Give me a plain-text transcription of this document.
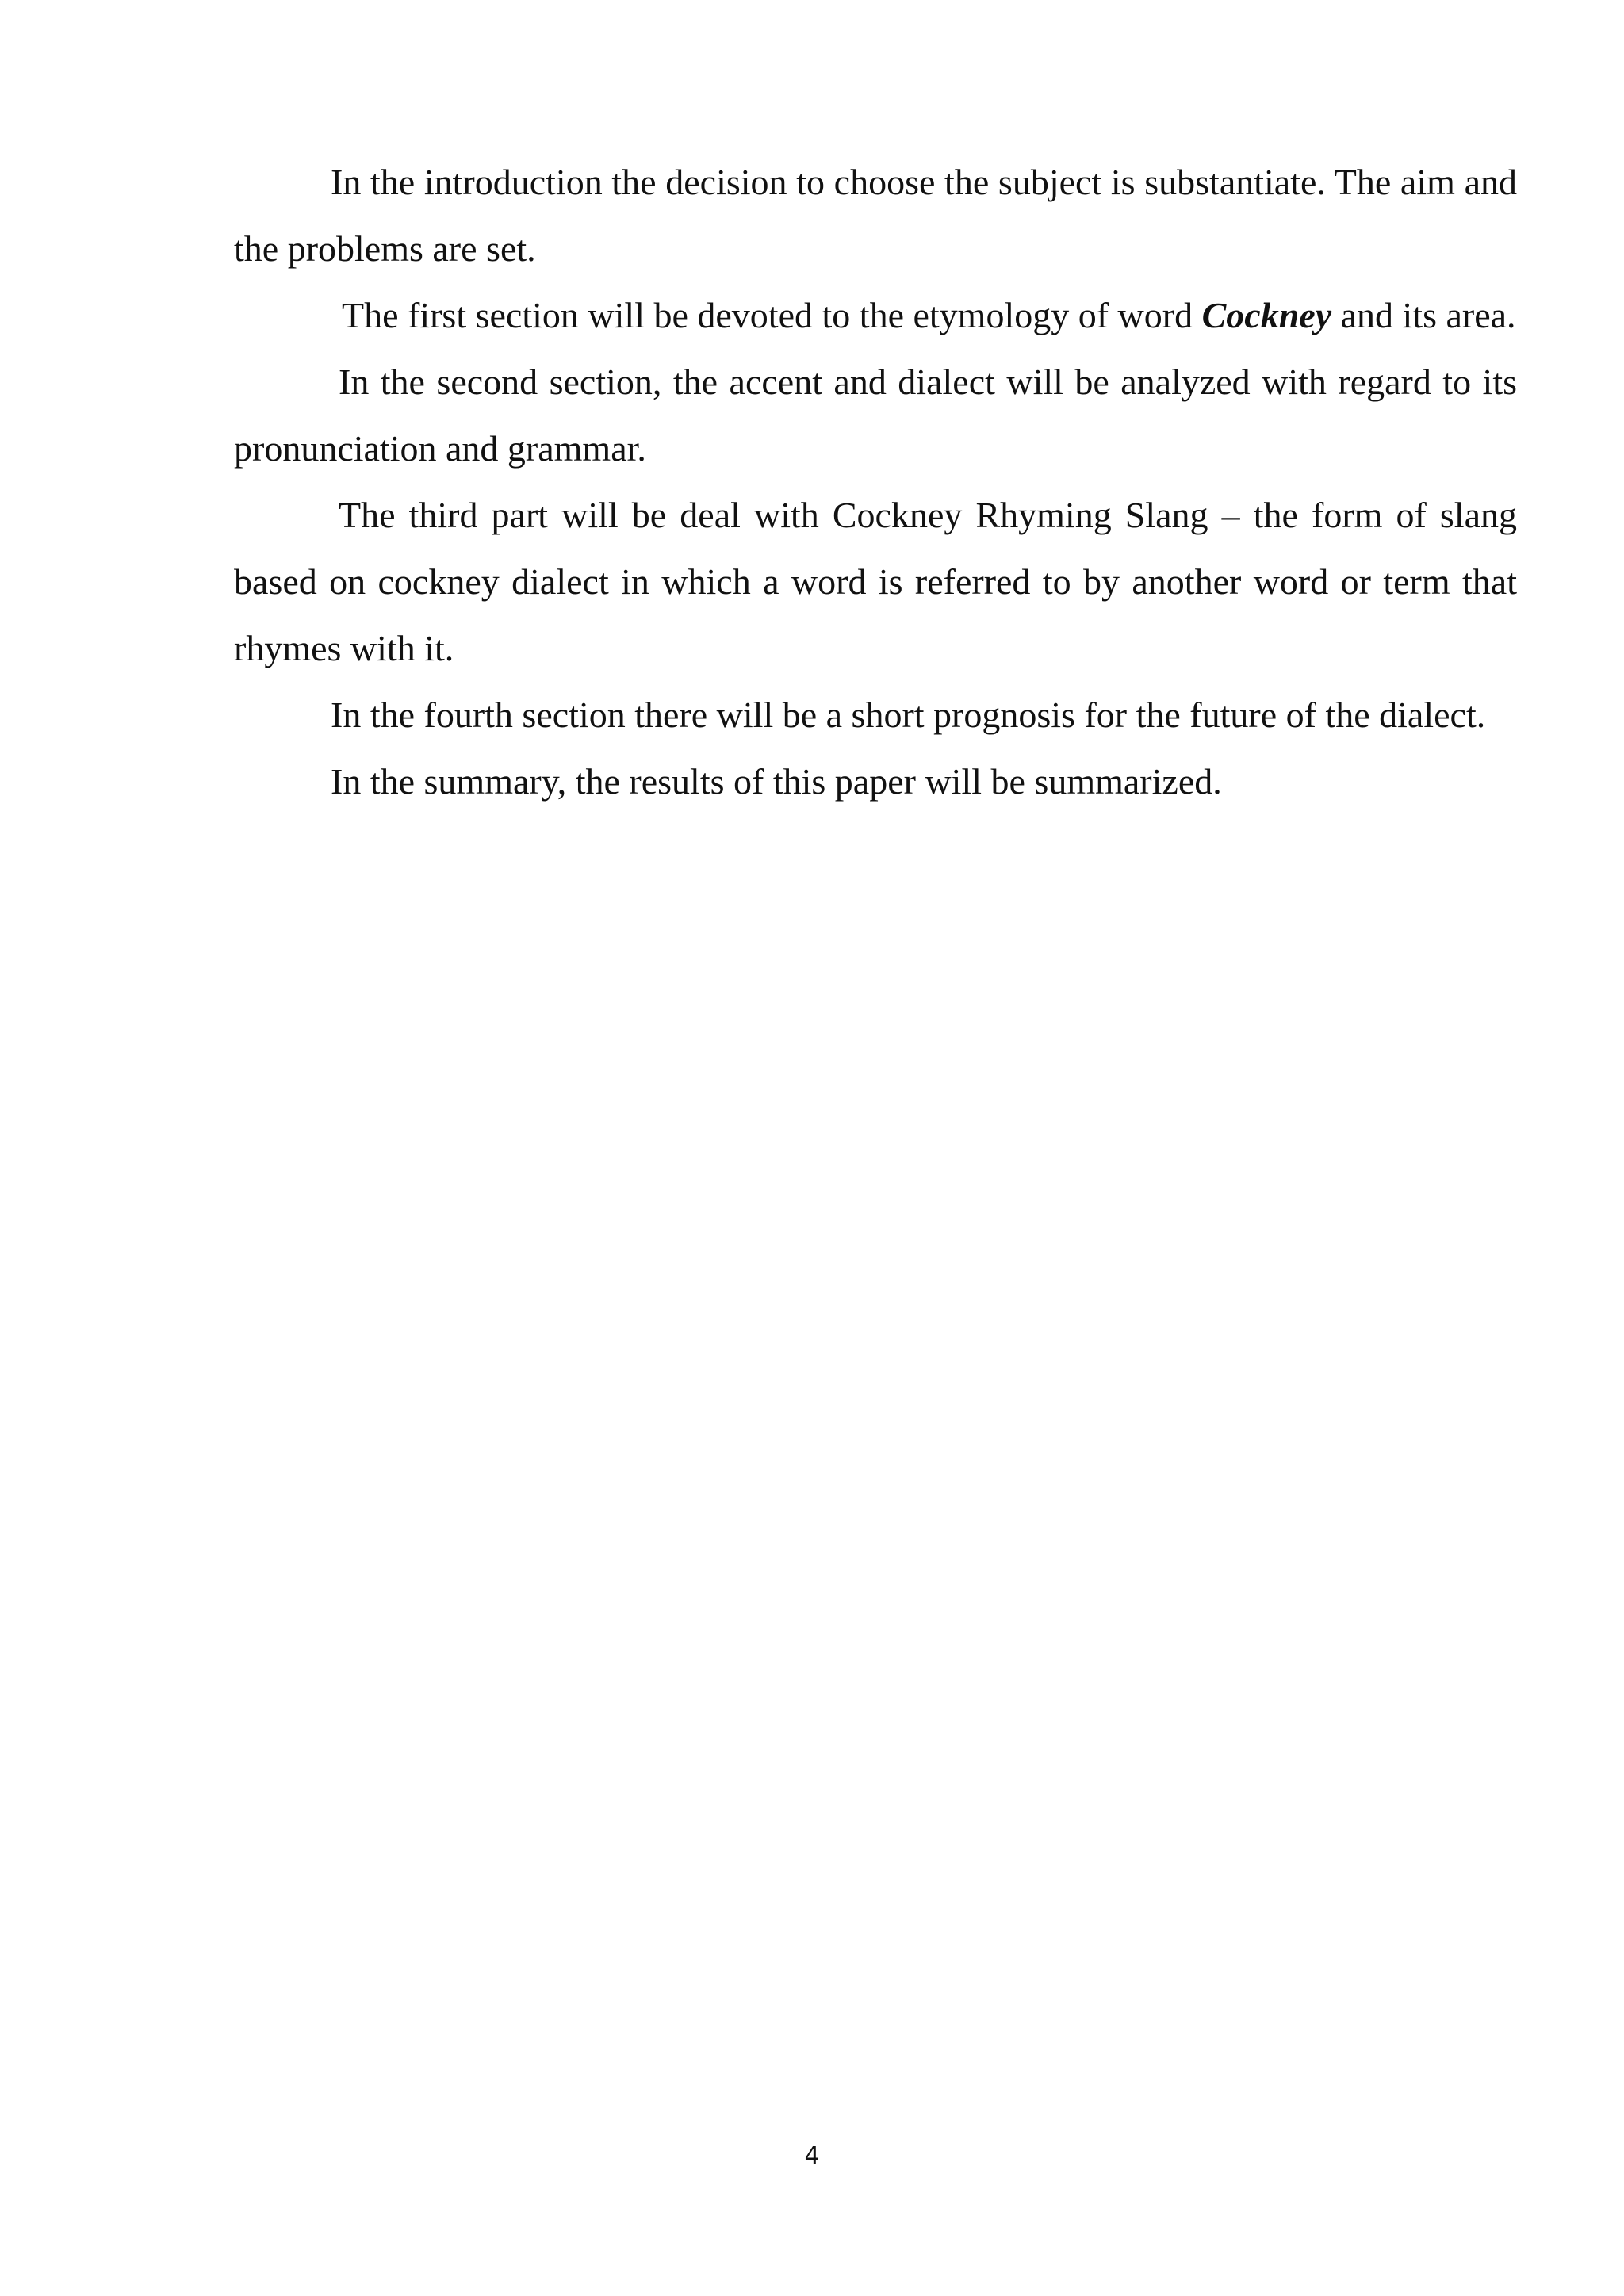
In the introduction the decision to choose the subject is substantiate. The aim and the problems are set.

The first section will be devoted to the etymology of word Cockney and its area.

In the second section, the accent and dialect will be analyzed with regard to its pronunciation and grammar.

The third part will be deal with Cockney Rhyming Slang – the form of slang based on cockney dialect in which a word is referred to by another word or term that rhymes with it.

In the fourth section there will be a short prognosis for the future of the dialect.

In the summary, the results of this paper will be summarized.

4
